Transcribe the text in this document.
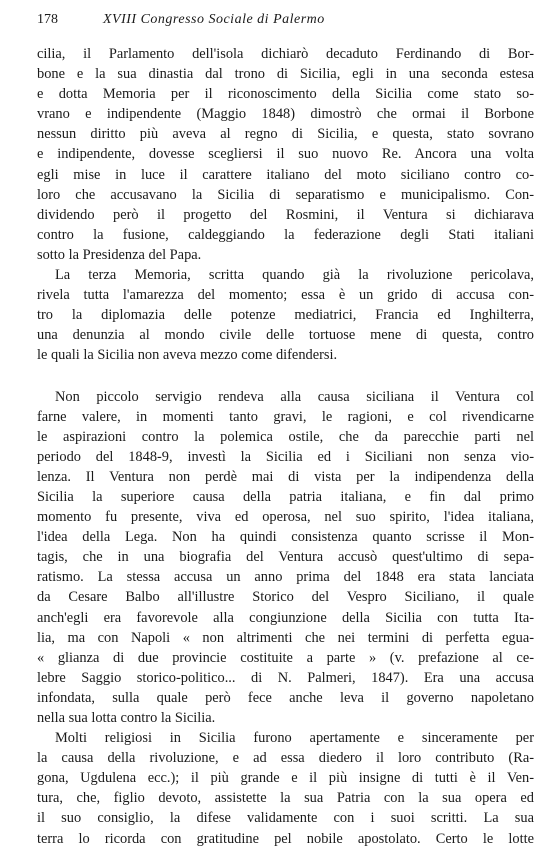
178	XVIII Congresso Sociale di Palermo
cilia, il Parlamento dell'isola dichiarò decaduto Ferdinando di Bor-
bone e la sua dinastia dal trono di Sicilia, egli in una seconda estesa
e dotta Memoria per il riconoscimento della Sicilia come stato so-
vrano e indipendente (Maggio 1848) dimostrò che ormai il Borbone
nessun diritto più aveva al regno di Sicilia, e questa, stato sovrano
e indipendente, dovesse scegliersi il suo nuovo Re. Ancora una volta
egli mise in luce il carattere italiano del moto siciliano contro co-
loro che accusavano la Sicilia di separatismo e municipalismo. Con-
dividendo però il progetto del Rosmini, il Ventura si dichiarava
contro la fusione, caldeggiando la federazione degli Stati italiani
sotto la Presidenza del Papa.
La terza Memoria, scritta quando già la rivoluzione pericolava,
rivela tutta l'amarezza del momento; essa è un grido di accusa con-
tro la diplomazia delle potenze mediatrici, Francia ed Inghilterra,
una denunzia al mondo civile delle tortuose mene di questa, contro
le quali la Sicilia non aveva mezzo come difendersi.
Non piccolo servigio rendeva alla causa siciliana il Ventura col
farne valere, in momenti tanto gravi, le ragioni, e col rivendicarne
le aspirazioni contro la polemica ostile, che da parecchie parti nel
periodo del 1848-9, investì la Sicilia ed i Siciliani non senza vio-
lenza. Il Ventura non perdè mai di vista per la indipendenza della
Sicilia la superiore causa della patria italiana, e fin dal primo
momento fu presente, viva ed operosa, nel suo spirito, l'idea italiana,
l'idea della Lega. Non ha quindi consistenza quanto scrisse il Mon-
tagis, che in una biografia del Ventura accusò quest'ultimo di sepa-
ratismo. La stessa accusa un anno prima del 1848 era stata lanciata
da Cesare Balbo all'illustre Storico del Vespro Siciliano, il quale
anch'egli era favorevole alla congiunzione della Sicilia con tutta Ita-
lia, ma con Napoli « non altrimenti che nei termini di perfetta egua-
« glianza di due provincie costituite a parte » (v. prefazione al ce-
lebre Saggio storico-politico... di N. Palmeri, 1847). Era una accusa
infondata, sulla quale però fece anche leva il governo napoletano
nella sua lotta contro la Sicilia.
Molti religiosi in Sicilia furono apertamente e sinceramente per
la causa della rivoluzione, e ad essa diedero il loro contributo (Ra-
gona, Ugdulena ecc.); il più grande e il più insigne di tutti è il Ven-
tura, che, figlio devoto, assistette la sua Patria con la sua opera ed
il suo consiglio, la difese validamente con i suoi scritti. La sua
terra lo ricorda con gratitudine pel nobile apostolato. Certo le lotte
